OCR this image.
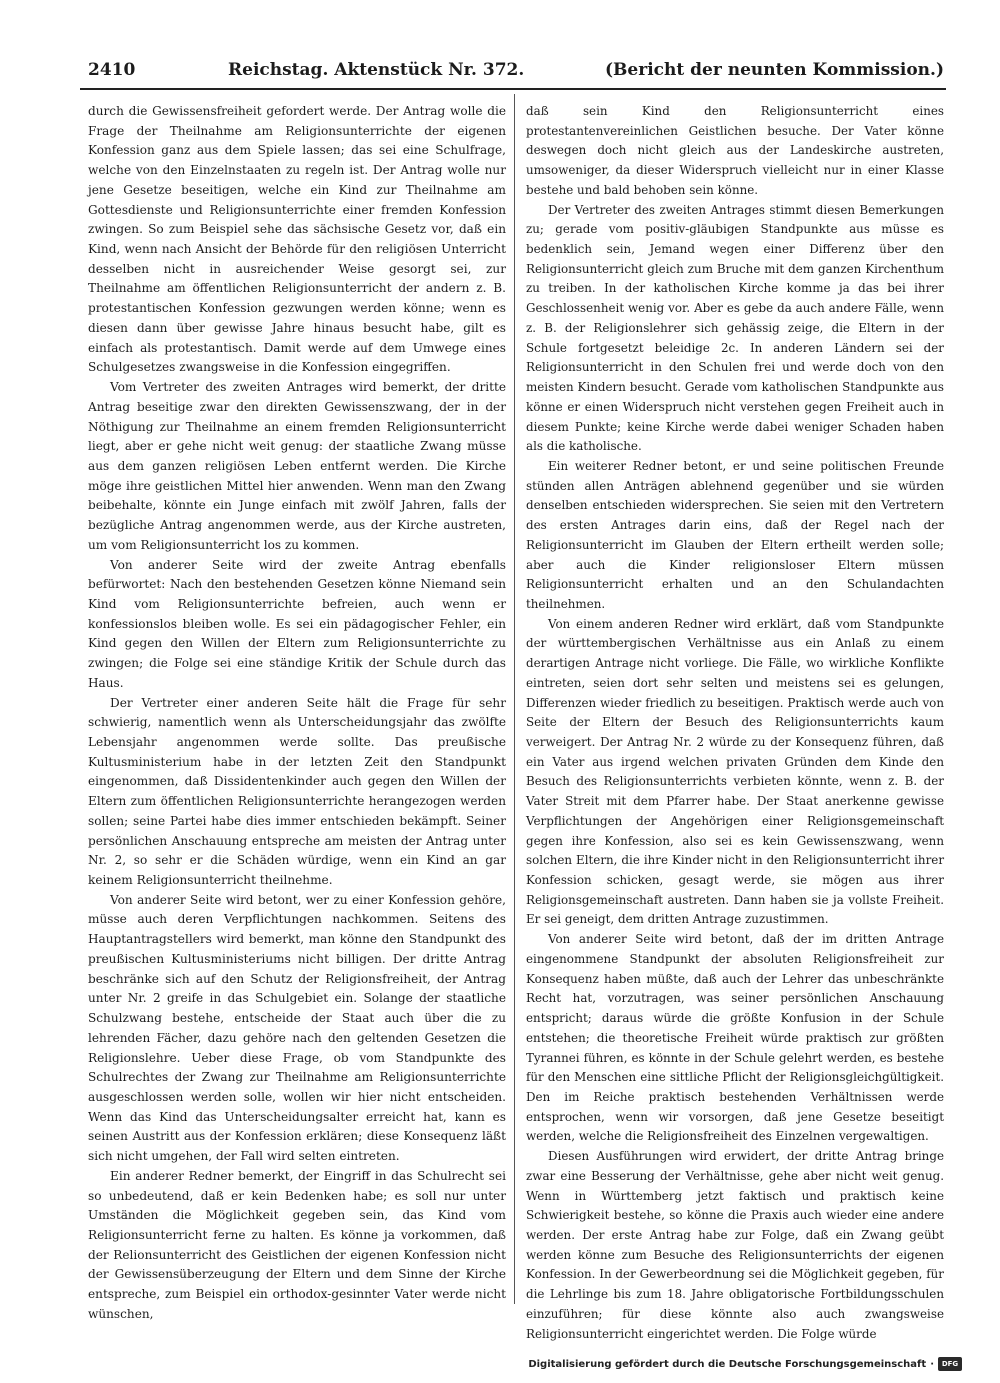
2410	Reichstag. Aktenstück Nr. 372.	(Bericht der neunten Kommission.)

durch die Gewissensfreiheit gefordert werde. Der Antrag wolle die Frage der Theilnahme am Religionsunterrichte der eigenen Konfession ganz aus dem Spiele lassen; das sei eine Schulfrage, welche von den Einzelnstaaten zu regeln ist. Der Antrag wolle nur jene Gesetze beseitigen, welche ein Kind zur Theilnahme am Gottesdienste und Religionsunterrichte einer fremden Konfession zwingen. So zum Beispiel sehe das sächsische Gesetz vor, daß ein Kind, wenn nach Ansicht der Behörde für den religiösen Unterricht desselben nicht in ausreichender Weise gesorgt sei, zur Theilnahme am öffentlichen Religionsunterricht der andern z. B. protestantischen Konfession gezwungen werden könne; wenn es diesen dann über gewisse Jahre hinaus besucht habe, gilt es einfach als protestantisch. Damit werde auf dem Umwege eines Schulgesetzes zwangsweise in die Konfession eingegriffen.

Vom Vertreter des zweiten Antrages wird bemerkt, der dritte Antrag beseitige zwar den direkten Gewissenszwang, der in der Nöthigung zur Theilnahme an einem fremden Religionsunterricht liegt, aber er gehe nicht weit genug: der staatliche Zwang müsse aus dem ganzen religiösen Leben entfernt werden. Die Kirche möge ihre geistlichen Mittel hier anwenden. Wenn man den Zwang beibehalte, könnte ein Junge einfach mit zwölf Jahren, falls der bezügliche Antrag angenommen werde, aus der Kirche austreten, um vom Religionsunterricht los zu kommen.

Von anderer Seite wird der zweite Antrag ebenfalls befürwortet: Nach den bestehenden Gesetzen könne Niemand sein Kind vom Religionsunterrichte befreien, auch wenn er konfessionslos bleiben wolle. Es sei ein pädagogischer Fehler, ein Kind gegen den Willen der Eltern zum Religionsunterrichte zu zwingen; die Folge sei eine ständige Kritik der Schule durch das Haus.

Der Vertreter einer anderen Seite hält die Frage für sehr schwierig, namentlich wenn als Unterscheidungsjahr das zwölfte Lebensjahr angenommen werde sollte. Das preußische Kultusministerium habe in der letzten Zeit den Standpunkt eingenommen, daß Dissidentenkinder auch gegen den Willen der Eltern zum öffentlichen Religionsunterrichte herangezogen werden sollen; seine Partei habe dies immer entschieden bekämpft. Seiner persönlichen Anschauung entspreche am meisten der Antrag unter Nr. 2, so sehr er die Schäden würdige, wenn ein Kind an gar keinem Religionsunterricht theilnehme.

Von anderer Seite wird betont, wer zu einer Konfession gehöre, müsse auch deren Verpflichtungen nachkommen. Seitens des Hauptantragstellers wird bemerkt, man könne den Standpunkt des preußischen Kultusministeriums nicht billigen. Der dritte Antrag beschränke sich auf den Schutz der Religionsfreiheit, der Antrag unter Nr. 2 greife in das Schulgebiet ein. Solange der staatliche Schulzwang bestehe, entscheide der Staat auch über die zu lehrenden Fächer, dazu gehöre nach den geltenden Gesetzen die Religionslehre. Ueber diese Frage, ob vom Standpunkte des Schulrechtes der Zwang zur Theilnahme am Religionsunterrichte ausgeschlossen werden solle, wollen wir hier nicht entscheiden. Wenn das Kind das Unterscheidungsalter erreicht hat, kann es seinen Austritt aus der Konfession erklären; diese Konsequenz läßt sich nicht umgehen, der Fall wird selten eintreten.

Ein anderer Redner bemerkt, der Eingriff in das Schulrecht sei so unbedeutend, daß er kein Bedenken habe; es soll nur unter Umständen die Möglichkeit gegeben sein, das Kind vom Religionsunterricht ferne zu halten. Es könne ja vorkommen, daß der Relionsunterricht des Geistlichen der eigenen Konfession nicht der Gewissensüberzeugung der Eltern und dem Sinne der Kirche entspreche, zum Beispiel ein orthodox-gesinnter Vater werde nicht wünschen,

daß sein Kind den Religionsunterricht eines protestantenvereinlichen Geistlichen besuche. Der Vater könne deswegen doch nicht gleich aus der Landeskirche austreten, umsoweniger, da dieser Widerspruch vielleicht nur in einer Klasse bestehe und bald behoben sein könne.

Der Vertreter des zweiten Antrages stimmt diesen Bemerkungen zu; gerade vom positiv-gläubigen Standpunkte aus müsse es bedenklich sein, Jemand wegen einer Differenz über den Religionsunterricht gleich zum Bruche mit dem ganzen Kirchenthum zu treiben. In der katholischen Kirche komme ja das bei ihrer Geschlossenheit wenig vor. Aber es gebe da auch andere Fälle, wenn z. B. der Religionslehrer sich gehässig zeige, die Eltern in der Schule fortgesetzt beleidige 2c. In anderen Ländern sei der Religionsunterricht in den Schulen frei und werde doch von den meisten Kindern besucht. Gerade vom katholischen Standpunkte aus könne er einen Widerspruch nicht verstehen gegen Freiheit auch in diesem Punkte; keine Kirche werde dabei weniger Schaden haben als die katholische.

Ein weiterer Redner betont, er und seine politischen Freunde stünden allen Anträgen ablehnend gegenüber und sie würden denselben entschieden widersprechen. Sie seien mit den Vertretern des ersten Antrages darin eins, daß der Regel nach der Religionsunterricht im Glauben der Eltern ertheilt werden solle; aber auch die Kinder religionsloser Eltern müssen Religionsunterricht erhalten und an den Schulandachten theilnehmen.

Von einem anderen Redner wird erklärt, daß vom Standpunkte der württembergischen Verhältnisse aus ein Anlaß zu einem derartigen Antrage nicht vorliege. Die Fälle, wo wirkliche Konflikte eintreten, seien dort sehr selten und meistens sei es gelungen, Differenzen wieder friedlich zu beseitigen. Praktisch werde auch von Seite der Eltern der Besuch des Religionsunterrichts kaum verweigert. Der Antrag Nr. 2 würde zu der Konsequenz führen, daß ein Vater aus irgend welchen privaten Gründen dem Kinde den Besuch des Religionsunterrichts verbieten könnte, wenn z. B. der Vater Streit mit dem Pfarrer habe. Der Staat anerkenne gewisse Verpflichtungen der Angehörigen einer Religionsgemeinschaft gegen ihre Konfession, also sei es kein Gewissenszwang, wenn solchen Eltern, die ihre Kinder nicht in den Religionsunterricht ihrer Konfession schicken, gesagt werde, sie mögen aus ihrer Religionsgemeinschaft austreten. Dann haben sie ja vollste Freiheit. Er sei geneigt, dem dritten Antrage zuzustimmen.

Von anderer Seite wird betont, daß der im dritten Antrage eingenommene Standpunkt der absoluten Religionsfreiheit zur Konsequenz haben müßte, daß auch der Lehrer das unbeschränkte Recht hat, vorzutragen, was seiner persönlichen Anschauung entspricht; daraus würde die größte Konfusion in der Schule entstehen; die theoretische Freiheit würde praktisch zur größten Tyrannei führen, es könnte in der Schule gelehrt werden, es bestehe für den Menschen eine sittliche Pflicht der Religionsgleichgültigkeit. Den im Reiche praktisch bestehenden Verhältnissen werde entsprochen, wenn wir vorsorgen, daß jene Gesetze beseitigt werden, welche die Religionsfreiheit des Einzelnen vergewaltigen.

Diesen Ausführungen wird erwidert, der dritte Antrag bringe zwar eine Besserung der Verhältnisse, gehe aber nicht weit genug. Wenn in Württemberg jetzt faktisch und praktisch keine Schwierigkeit bestehe, so könne die Praxis auch wieder eine andere werden. Der erste Antrag habe zur Folge, daß ein Zwang geübt werden könne zum Besuche des Religionsunterrichts der eigenen Konfession. In der Gewerbeordnung sei die Möglichkeit gegeben, für die Lehrlinge bis zum 18. Jahre obligatorische Fortbildungsschulen einzuführen; für diese könnte also auch zwangsweise Religionsunterricht eingerichtet werden. Die Folge würde

Digitalisierung gefördert durch die Deutsche Forschungsgemeinschaft ·	DFG
